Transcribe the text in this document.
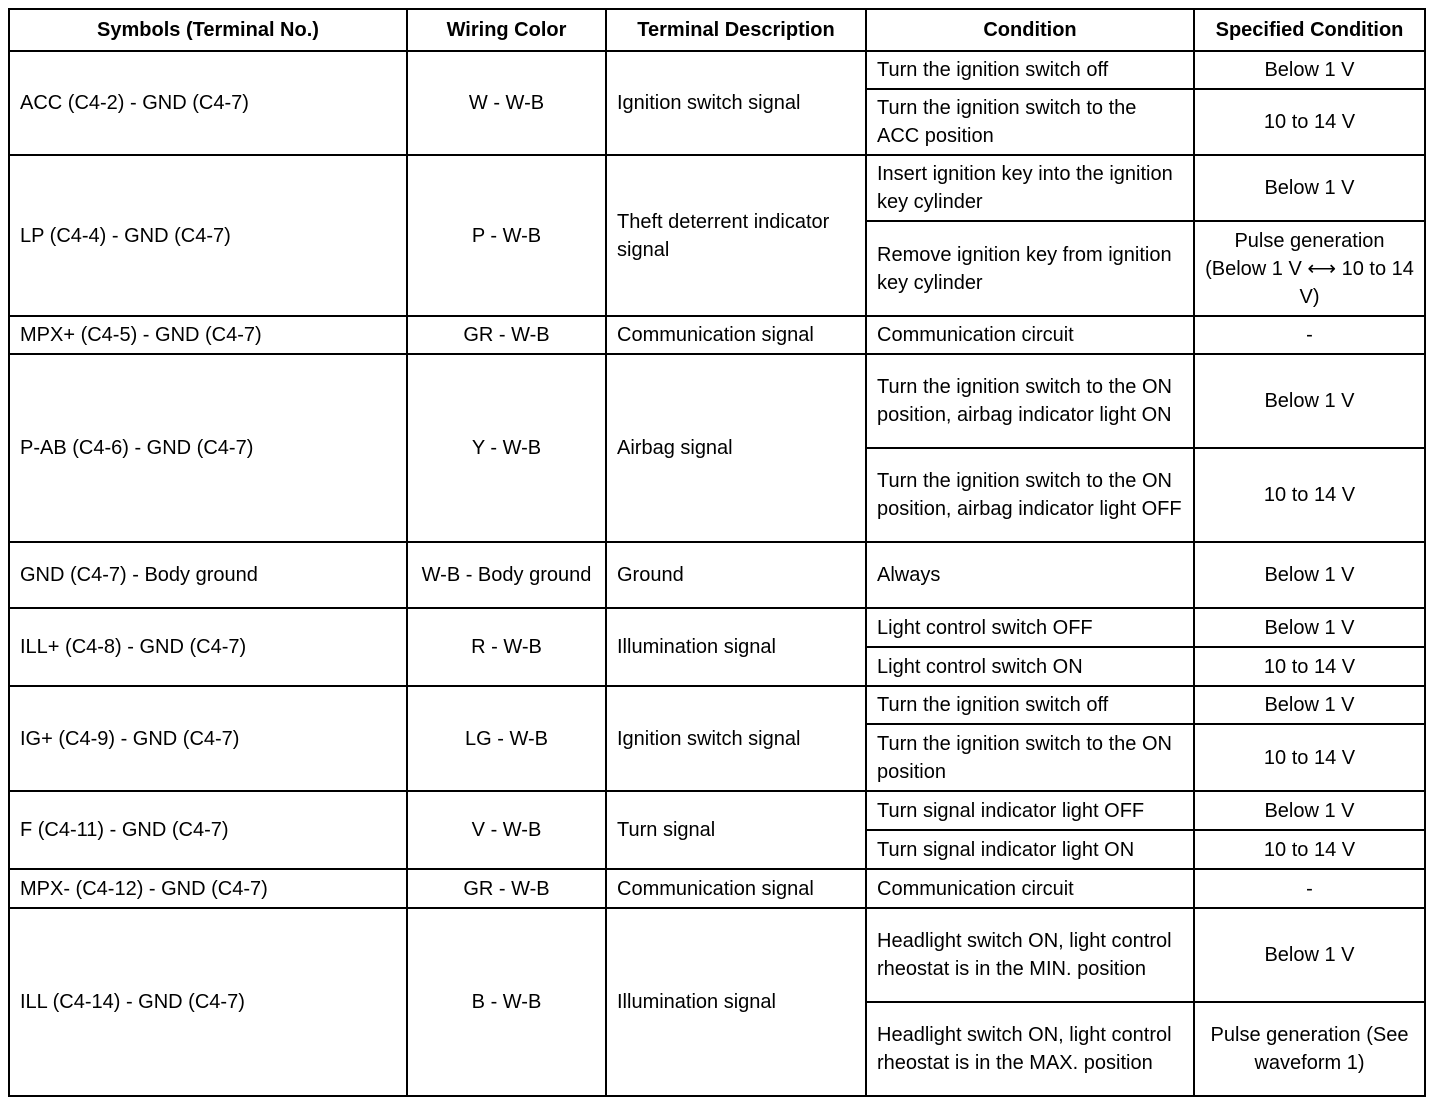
Symbols (Terminal No.)	Wiring Color	Terminal Description	Condition	Specified Condition
ACC (C4-2) - GND (C4-7)	W - W-B	Ignition switch signal	Turn the ignition switch off	Below 1 V
			Turn the ignition switch to the ACC position	10 to 14 V
LP (C4-4) - GND (C4-7)	P - W-B	Theft deterrent indicator signal	Insert ignition key into the ignition key cylinder	Below 1 V
			Remove ignition key from ignition key cylinder	Pulse generation (Below 1 V ⟷ 10 to 14 V)
MPX+ (C4-5) - GND (C4-7)	GR - W-B	Communication signal	Communication circuit	-
P-AB (C4-6) - GND (C4-7)	Y - W-B	Airbag signal	Turn the ignition switch to the ON position, airbag indicator light ON	Below 1 V
			Turn the ignition switch to the ON position, airbag indicator light OFF	10 to 14 V
GND (C4-7) - Body ground	W-B - Body ground	Ground	Always	Below 1 V
ILL+ (C4-8) - GND (C4-7)	R - W-B	Illumination signal	Light control switch OFF	Below 1 V
			Light control switch ON	10 to 14 V
IG+ (C4-9) - GND (C4-7)	LG - W-B	Ignition switch signal	Turn the ignition switch off	Below 1 V
			Turn the ignition switch to the ON position	10 to 14 V
F (C4-11) - GND (C4-7)	V - W-B	Turn signal	Turn signal indicator light OFF	Below 1 V
			Turn signal indicator light ON	10 to 14 V
MPX- (C4-12) - GND (C4-7)	GR - W-B	Communication signal	Communication circuit	-
ILL (C4-14) - GND (C4-7)	B - W-B	Illumination signal	Headlight switch ON, light control rheostat is in the MIN. position	Below 1 V
			Headlight switch ON, light control rheostat is in the MAX. position	Pulse generation (See waveform 1)
